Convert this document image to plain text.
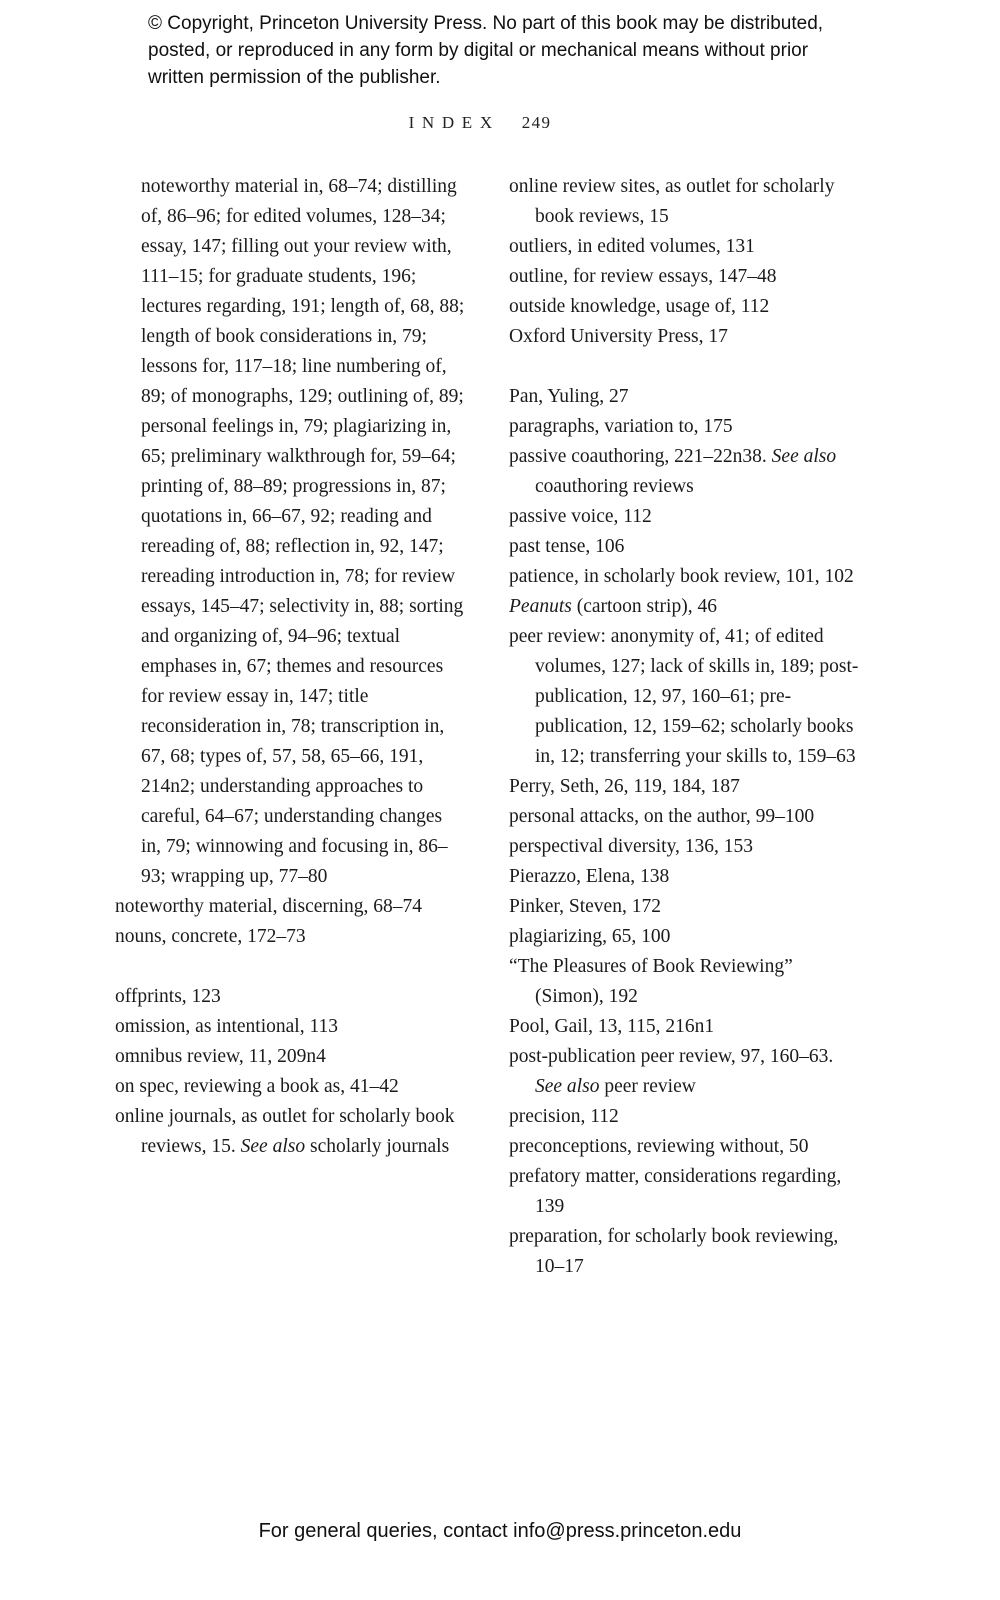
© Copyright, Princeton University Press. No part of this book may be distributed, posted, or reproduced in any form by digital or mechanical means without prior written permission of the publisher.
INDEX 249
noteworthy material in, 68–74; distilling of, 86–96; for edited volumes, 128–34; essay, 147; filling out your review with, 111–15; for graduate students, 196; lectures regarding, 191; length of, 68, 88; length of book considerations in, 79; lessons for, 117–18; line numbering of, 89; of monographs, 129; outlining of, 89; personal feelings in, 79; plagiarizing in, 65; preliminary walkthrough for, 59–64; printing of, 88–89; progressions in, 87; quotations in, 66–67, 92; reading and rereading of, 88; reflection in, 92, 147; rereading introduction in, 78; for review essays, 145–47; selectivity in, 88; sorting and organizing of, 94–96; textual emphases in, 67; themes and resources for review essay in, 147; title reconsideration in, 78; transcription in, 67, 68; types of, 57, 58, 65–66, 191, 214n2; understanding approaches to careful, 64–67; understanding changes in, 79; winnowing and focusing in, 86–93; wrapping up, 77–80
noteworthy material, discerning, 68–74
nouns, concrete, 172–73
offprints, 123
omission, as intentional, 113
omnibus review, 11, 209n4
on spec, reviewing a book as, 41–42
online journals, as outlet for scholarly book reviews, 15. See also scholarly journals
online review sites, as outlet for scholarly book reviews, 15
outliers, in edited volumes, 131
outline, for review essays, 147–48
outside knowledge, usage of, 112
Oxford University Press, 17
Pan, Yuling, 27
paragraphs, variation to, 175
passive coauthoring, 221–22n38. See also coauthoring reviews
passive voice, 112
past tense, 106
patience, in scholarly book review, 101, 102
Peanuts (cartoon strip), 46
peer review: anonymity of, 41; of edited volumes, 127; lack of skills in, 189; post-publication, 12, 97, 160–61; pre-publication, 12, 159–62; scholarly books in, 12; transferring your skills to, 159–63
Perry, Seth, 26, 119, 184, 187
personal attacks, on the author, 99–100
perspectival diversity, 136, 153
Pierazzo, Elena, 138
Pinker, Steven, 172
plagiarizing, 65, 100
“The Pleasures of Book Reviewing” (Simon), 192
Pool, Gail, 13, 115, 216n1
post-publication peer review, 97, 160–63. See also peer review
precision, 112
preconceptions, reviewing without, 50
prefatory matter, considerations regarding, 139
preparation, for scholarly book reviewing, 10–17
For general queries, contact info@press.princeton.edu
